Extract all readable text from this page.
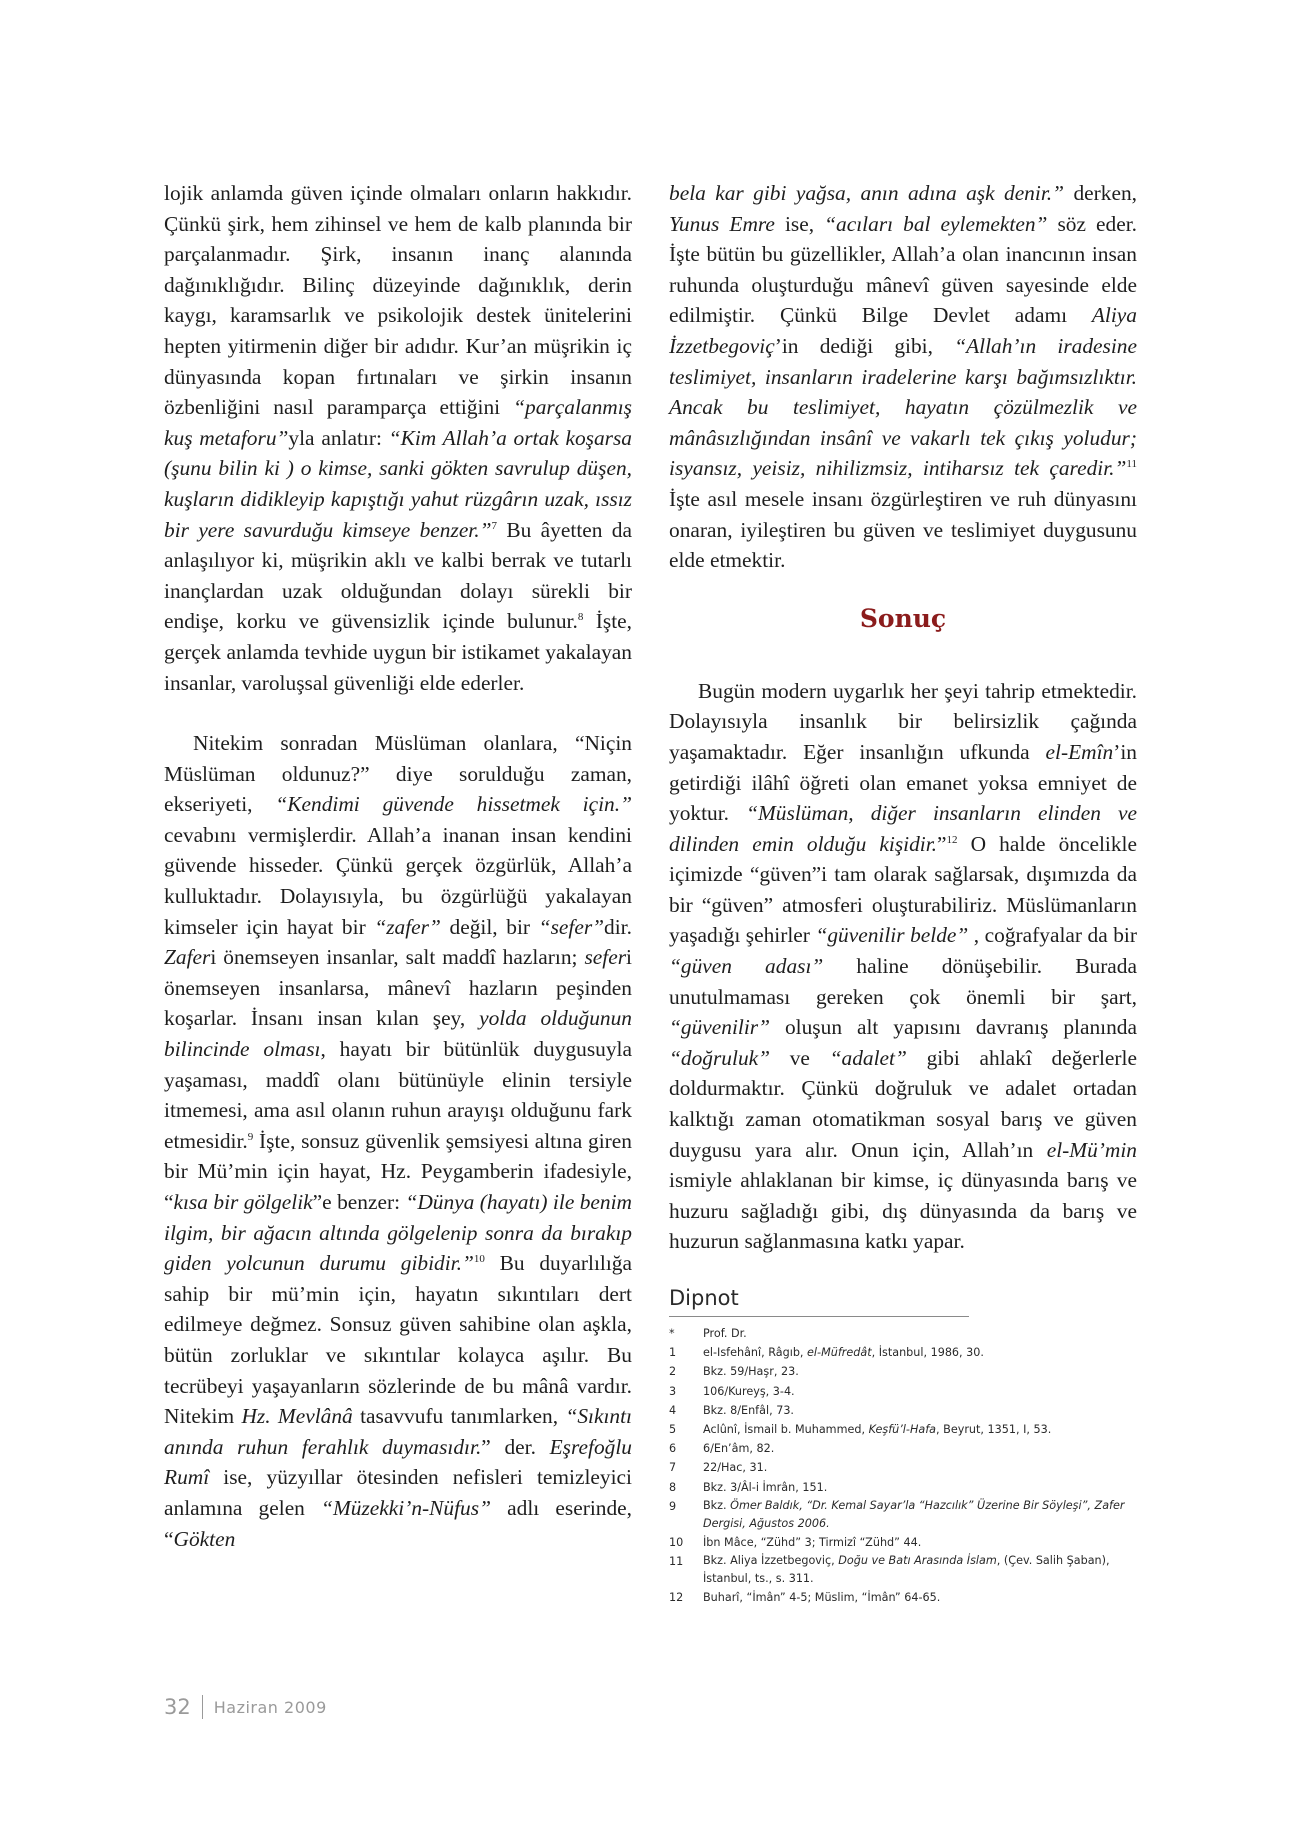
lojik anlamda güven içinde olmaları onların hakkıdır. Çünkü şirk, hem zihinsel ve hem de kalb planında bir parçalanmadır. Şirk, insanın inanç alanında dağınıklığıdır. Bilinç düzeyinde dağınıklık, derin kaygı, karamsarlık ve psikolojik destek ünitelerini hepten yitirmenin diğer bir adıdır. Kur’an müşrikin iç dünyasında kopan fırtınaları ve şirkin insanın özbenliğini nasıl paramparça ettiğini “parçalanmış kuş metaforu”yla anlatır: “Kim Allah’a ortak koşarsa (şunu bilin ki ) o kimse, sanki gökten savrulup düşen, kuşların didikleyip kapıştığı yahut rüzgârın uzak, ıssız bir yere savurduğu kimseye benzer.”$^7$ Bu âyetten da anlaşılıyor ki, müşrikin aklı ve kalbi berrak ve tutarlı inançlardan uzak olduğundan dolayı sürekli bir endişe, korku ve güvensizlik içinde bulunur.$^8$ İşte, gerçek anlamda tevhide uygun bir istikamet yakalayan insanlar, varoluşsal güvenliği elde ederler.

Nitekim sonradan Müslüman olanlara, “Niçin Müslüman oldunuz?” diye sorulduğu zaman, ekseriyeti, “Kendimi güvende hissetmek için.” cevabını vermişlerdir. Allah’a inanan insan kendini güvende hisseder. Çünkü gerçek özgürlük, Allah’a kulluktadır. Dolayısıyla, bu özgürlüğü yakalayan kimseler için hayat bir “zafer” değil, bir “sefer”dir. Zaferi önemseyen insanlar, salt maddî hazların; seferi önemseyen insanlarsa, mânevî hazların peşinden koşarlar. İnsanı insan kılan şey, yolda olduğunun bilincinde olması, hayatı bir bütünlük duygusuyla yaşaması, maddî olanı bütünüyle elinin tersiyle itmemesi, ama asıl olanın ruhun arayışı olduğunu fark etmesidir.$^9$ İşte, sonsuz güvenlik şemsiyesi altına giren bir Mü’min için hayat, Hz. Peygamberin ifadesiyle, “kısa bir gölgelik”e benzer: “Dünya (hayatı) ile benim ilgim, bir ağacın altında gölgelenip sonra da bırakıp giden yolcunun durumu gibidir.”$^{10}$ Bu duyarlılığa sahip bir mü’min için, hayatın sıkıntıları dert edilmeye değmez. Sonsuz güven sahibine olan aşkla, bütün zorluklar ve sıkıntılar kolayca aşılır. Bu tecrübeyi yaşayanların sözlerinde de bu mânâ vardır. Nitekim Hz. Mevlânâ tasavvufu tanımlarken, “Sıkıntı anında ruhun ferahlık duymasıdır.” der. Eşrefoğlu Rumî ise, yüzyıllar ötesinden nefisleri temizleyici anlamına gelen “Müzekki’n-Nüfus” adlı eserinde, “Gökten

bela kar gibi yağsa, anın adına aşk denir.” derken, Yunus Emre ise, “acıları bal eylemekten” söz eder. İşte bütün bu güzellikler, Allah’a olan inancının insan ruhunda oluşturduğu mânevî güven sayesinde elde edilmiştir. Çünkü Bilge Devlet adamı Aliya İzzetbegoviç’in dediği gibi, “Allah’ın iradesine teslimiyet, insanların iradelerine karşı bağımsızlıktır. Ancak bu teslimiyet, hayatın çözülmezlik ve mânâsızlığından insânî ve vakarlı tek çıkış yoludur; isyansız, yeisiz, nihilizmsiz, intiharsız tek çaredir.”$^{11}$ İşte asıl mesele insanı özgürleştiren ve ruh dünyasını onaran, iyileştiren bu güven ve teslimiyet duygusunu elde etmektir.

Sonuç

Bugün modern uygarlık her şeyi tahrip etmektedir. Dolayısıyla insanlık bir belirsizlik çağında yaşamaktadır. Eğer insanlığın ufkunda el-Emîn’in getirdiği ilâhî öğreti olan emanet yoksa emniyet de yoktur. “Müslüman, diğer insanların elinden ve dilinden emin olduğu kişidir.”$^{12}$ O halde öncelikle içimizde “güven”i tam olarak sağlarsak, dışımızda da bir “güven” atmosferi oluşturabiliriz. Müslümanların yaşadığı şehirler “güvenilir belde” , coğrafyalar da bir “güven adası” haline dönüşebilir. Burada unutulmaması gereken çok önemli bir şart, “güvenilir” oluşun alt yapısını davranış planında “doğruluk” ve “adalet” gibi ahlakî değerlerle doldurmaktır. Çünkü doğruluk ve adalet ortadan kalktığı zaman otomatikman sosyal barış ve güven duygusu yara alır. Onun için, Allah’ın el-Mü’min ismiyle ahlaklanan bir kimse, iç dünyasında barış ve huzuru sağladığı gibi, dış dünyasında da barış ve huzurun sağlanmasına katkı yapar.

Dipnot
*	Prof. Dr.
1	el-Isfehânî, Râgıb, el-Müfredât, İstanbul, 1986, 30.
2	Bkz. 59/Haşr, 23.
3	106/Kureyş, 3-4.
4	Bkz. 8/Enfâl, 73.
5	Aclûnî, İsmail b. Muhammed, Keşfü’l-Hafa, Beyrut, 1351, I, 53.
6	6/En’âm, 82.
7	22/Hac, 31.
8	Bkz. 3/Âl-i İmrân, 151.
9	Bkz. Ömer Baldık, “Dr. Kemal Sayar’la “Hazcılık” Üzerine Bir Söyleşi”, Zafer Dergisi, Ağustos 2006.
10	İbn Mâce, “Zühd” 3; Tirmizî “Zühd” 44.
11	Bkz. Aliya İzzetbegoviç, Doğu ve Batı Arasında İslam, (Çev. Salih Şaban), İstanbul, ts., s. 311.
12	Buharî, “İmân” 4-5; Müslim, “İmân” 64-65.
32 Haziran 2009
